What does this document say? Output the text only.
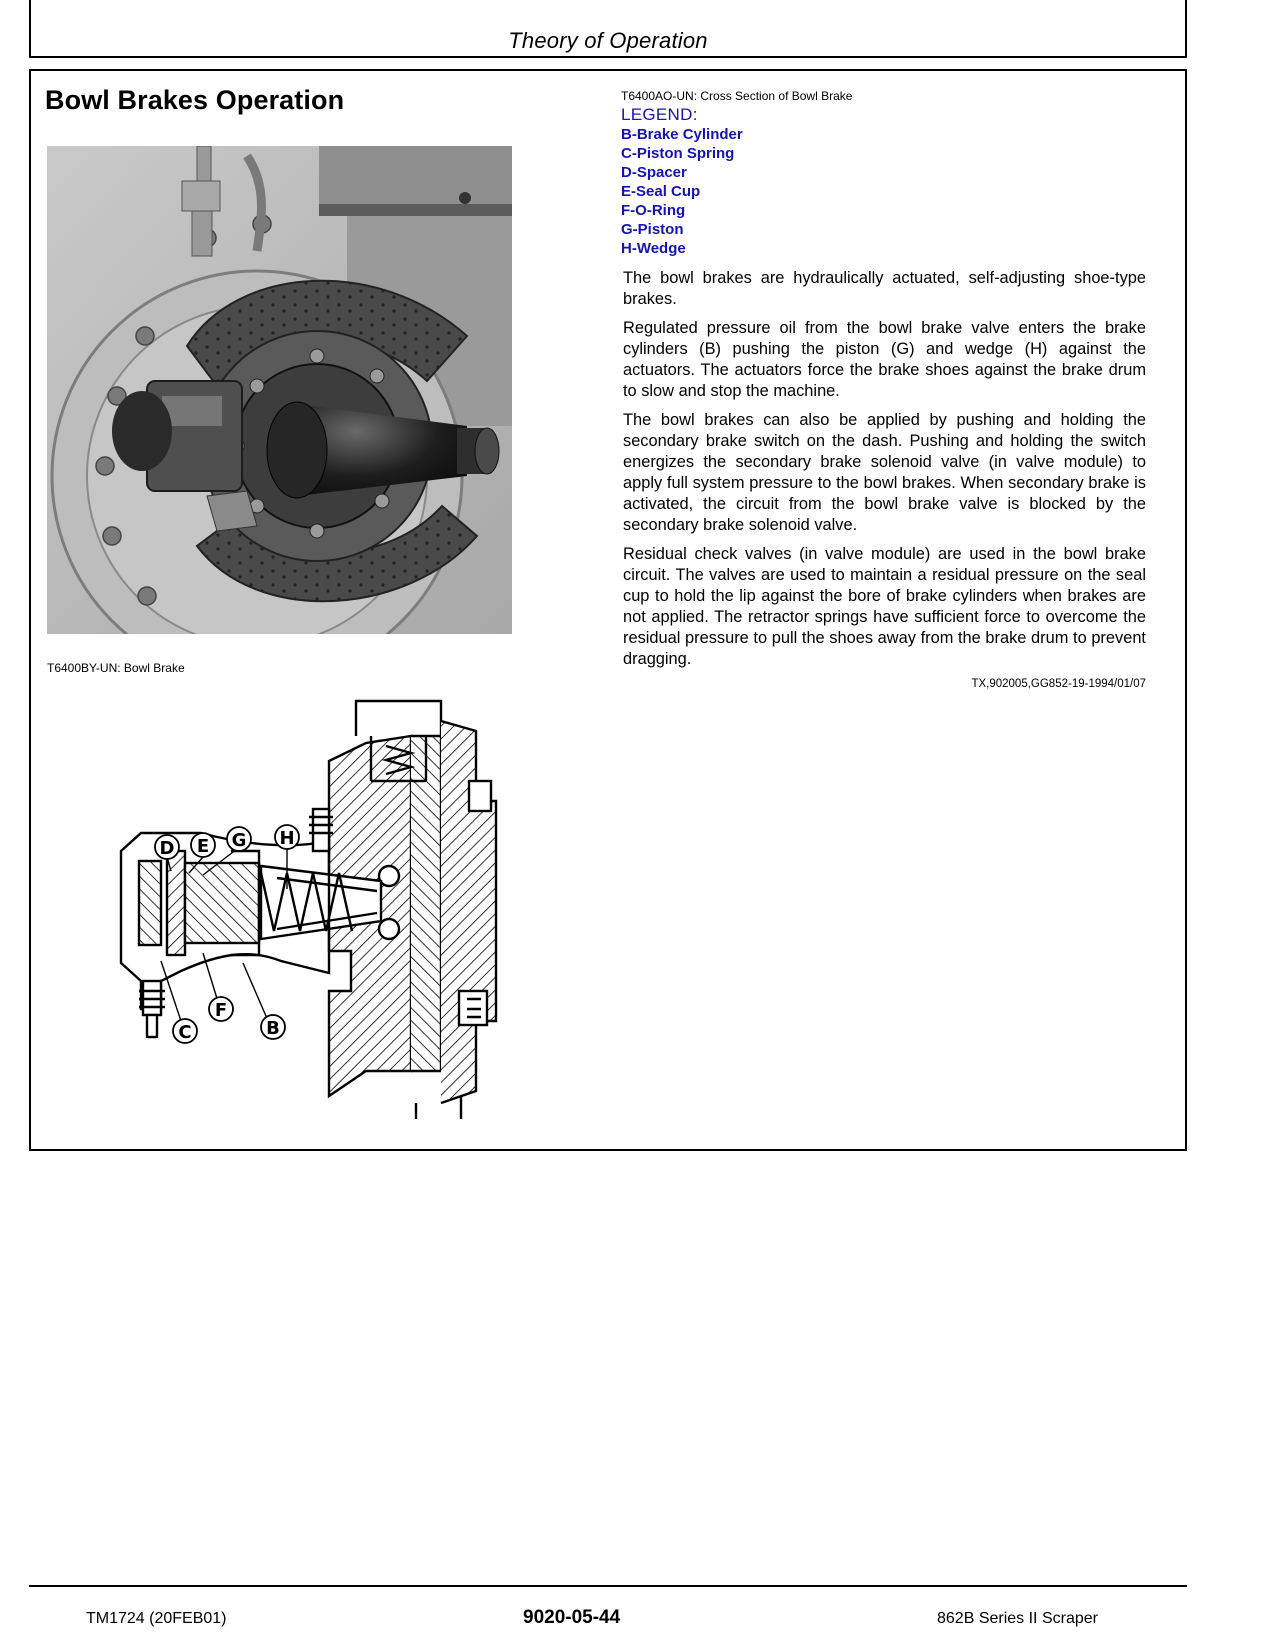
Theory of Operation
Bowl Brakes Operation
T6400BY-UN: Bowl Brake
D E G H
C
F
B
T6400AO-UN: Cross Section of Bowl Brake
LEGEND:
B-Brake Cylinder
C-Piston Spring
D-Spacer
E-Seal Cup
F-O-Ring
G-Piston
H-Wedge

The bowl brakes are hydraulically actuated, self-adjusting shoe-type brakes.

Regulated pressure oil from the bowl brake valve enters the brake cylinders (B) pushing the piston (G) and wedge (H) against the actuators. The actuators force the brake shoes against the brake drum to slow and stop the machine.

The bowl brakes can also be applied by pushing and holding the secondary brake switch on the dash. Pushing and holding the switch energizes the secondary brake solenoid valve (in valve module) to apply full system pressure to the bowl brakes. When secondary brake is activated, the circuit from the bowl brake valve is blocked by the secondary brake solenoid valve.

Residual check valves (in valve module) are used in the bowl brake circuit. The valves are used to maintain a residual pressure on the seal cup to hold the lip against the bore of brake cylinders when brakes are not applied. The retractor springs have sufficient force to overcome the residual pressure to pull the shoes away from the brake drum to prevent dragging.

TX,902005,GG852-19-1994/01/07
TM1724 (20FEB01)	9020-05-44	862B Series II Scraper
